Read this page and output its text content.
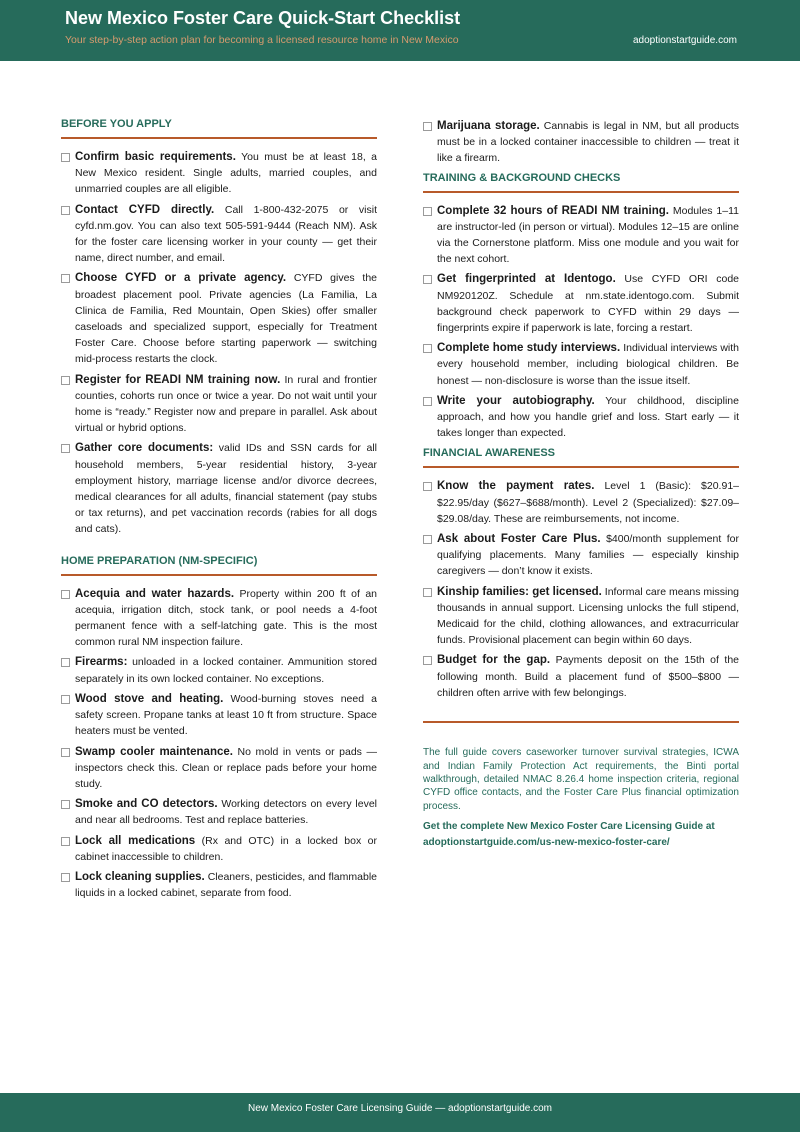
New Mexico Foster Care Quick-Start Checklist
Your step-by-step action plan for becoming a licensed resource home in New Mexico	adoptionstartguide.com
BEFORE YOU APPLY
Confirm basic requirements. You must be at least 18, a New Mexico resident. Single adults, married couples, and unmarried couples are all eligible.
Contact CYFD directly. Call 1-800-432-2075 or visit cyfd.nm.gov. You can also text 505-591-9444 (Reach NM). Ask for the foster care licensing worker in your county — get their name, direct number, and email.
Choose CYFD or a private agency. CYFD gives the broadest placement pool. Private agencies (La Familia, La Clinica de Familia, Red Mountain, Open Skies) offer smaller caseloads and specialized support, especially for Treatment Foster Care. Choose before starting paperwork — switching mid-process restarts the clock.
Register for READI NM training now. In rural and frontier counties, cohorts run once or twice a year. Do not wait until your home is “ready.” Register now and prepare in parallel. Ask about virtual or hybrid options.
Gather core documents: valid IDs and SSN cards for all household members, 5-year residential history, 3-year employment history, marriage license and/or divorce decrees, medical clearances for all adults, financial statement (pay stubs or tax returns), and pet vaccination records (rabies for all dogs and cats).
HOME PREPARATION (NM-SPECIFIC)
Acequia and water hazards. Property within 200 ft of an acequia, irrigation ditch, stock tank, or pool needs a 4-foot permanent fence with a self-latching gate. This is the most common rural NM inspection failure.
Firearms: unloaded in a locked container. Ammunition stored separately in its own locked container. No exceptions.
Wood stove and heating. Wood-burning stoves need a safety screen. Propane tanks at least 10 ft from structure. Space heaters must be vented.
Swamp cooler maintenance. No mold in vents or pads — inspectors check this. Clean or replace pads before your home study.
Smoke and CO detectors. Working detectors on every level and near all bedrooms. Test and replace batteries.
Lock all medications (Rx and OTC) in a locked box or cabinet inaccessible to children.
Lock cleaning supplies. Cleaners, pesticides, and flammable liquids in a locked cabinet, separate from food.
Marijuana storage. Cannabis is legal in NM, but all products must be in a locked container inaccessible to children — treat it like a firearm.
TRAINING & BACKGROUND CHECKS
Complete 32 hours of READI NM training. Modules 1–11 are instructor-led (in person or virtual). Modules 12–15 are online via the Cornerstone platform. Miss one module and you wait for the next cohort.
Get fingerprinted at Identogo. Use CYFD ORI code NM920120Z. Schedule at nm.state.identogo.com. Submit background check paperwork to CYFD within 29 days — fingerprints expire if paperwork is late, forcing a restart.
Complete home study interviews. Individual interviews with every household member, including biological children. Be honest — non-disclosure is worse than the issue itself.
Write your autobiography. Your childhood, discipline approach, and how you handle grief and loss. Start early — it takes longer than expected.
FINANCIAL AWARENESS
Know the payment rates. Level 1 (Basic): $20.91–$22.95/day ($627–$688/month). Level 2 (Specialized): $27.09–$29.08/day. These are reimbursements, not income.
Ask about Foster Care Plus. $400/month supplement for qualifying placements. Many families — especially kinship caregivers — don’t know it exists.
Kinship families: get licensed. Informal care means missing thousands in annual support. Licensing unlocks the full stipend, Medicaid for the child, clothing allowances, and extracurricular funds. Provisional placement can begin within 60 days.
Budget for the gap. Payments deposit on the 15th of the following month. Build a placement fund of $500–$800 — children often arrive with few belongings.
The full guide covers caseworker turnover survival strategies, ICWA and Indian Family Protection Act requirements, the Binti portal walkthrough, detailed NMAC 8.26.4 home inspection criteria, regional CYFD office contacts, and the Foster Care Plus financial optimization process.
Get the complete New Mexico Foster Care Licensing Guide at adoptionstartguide.com/us-new-mexico-foster-care/
New Mexico Foster Care Licensing Guide — adoptionstartguide.com
